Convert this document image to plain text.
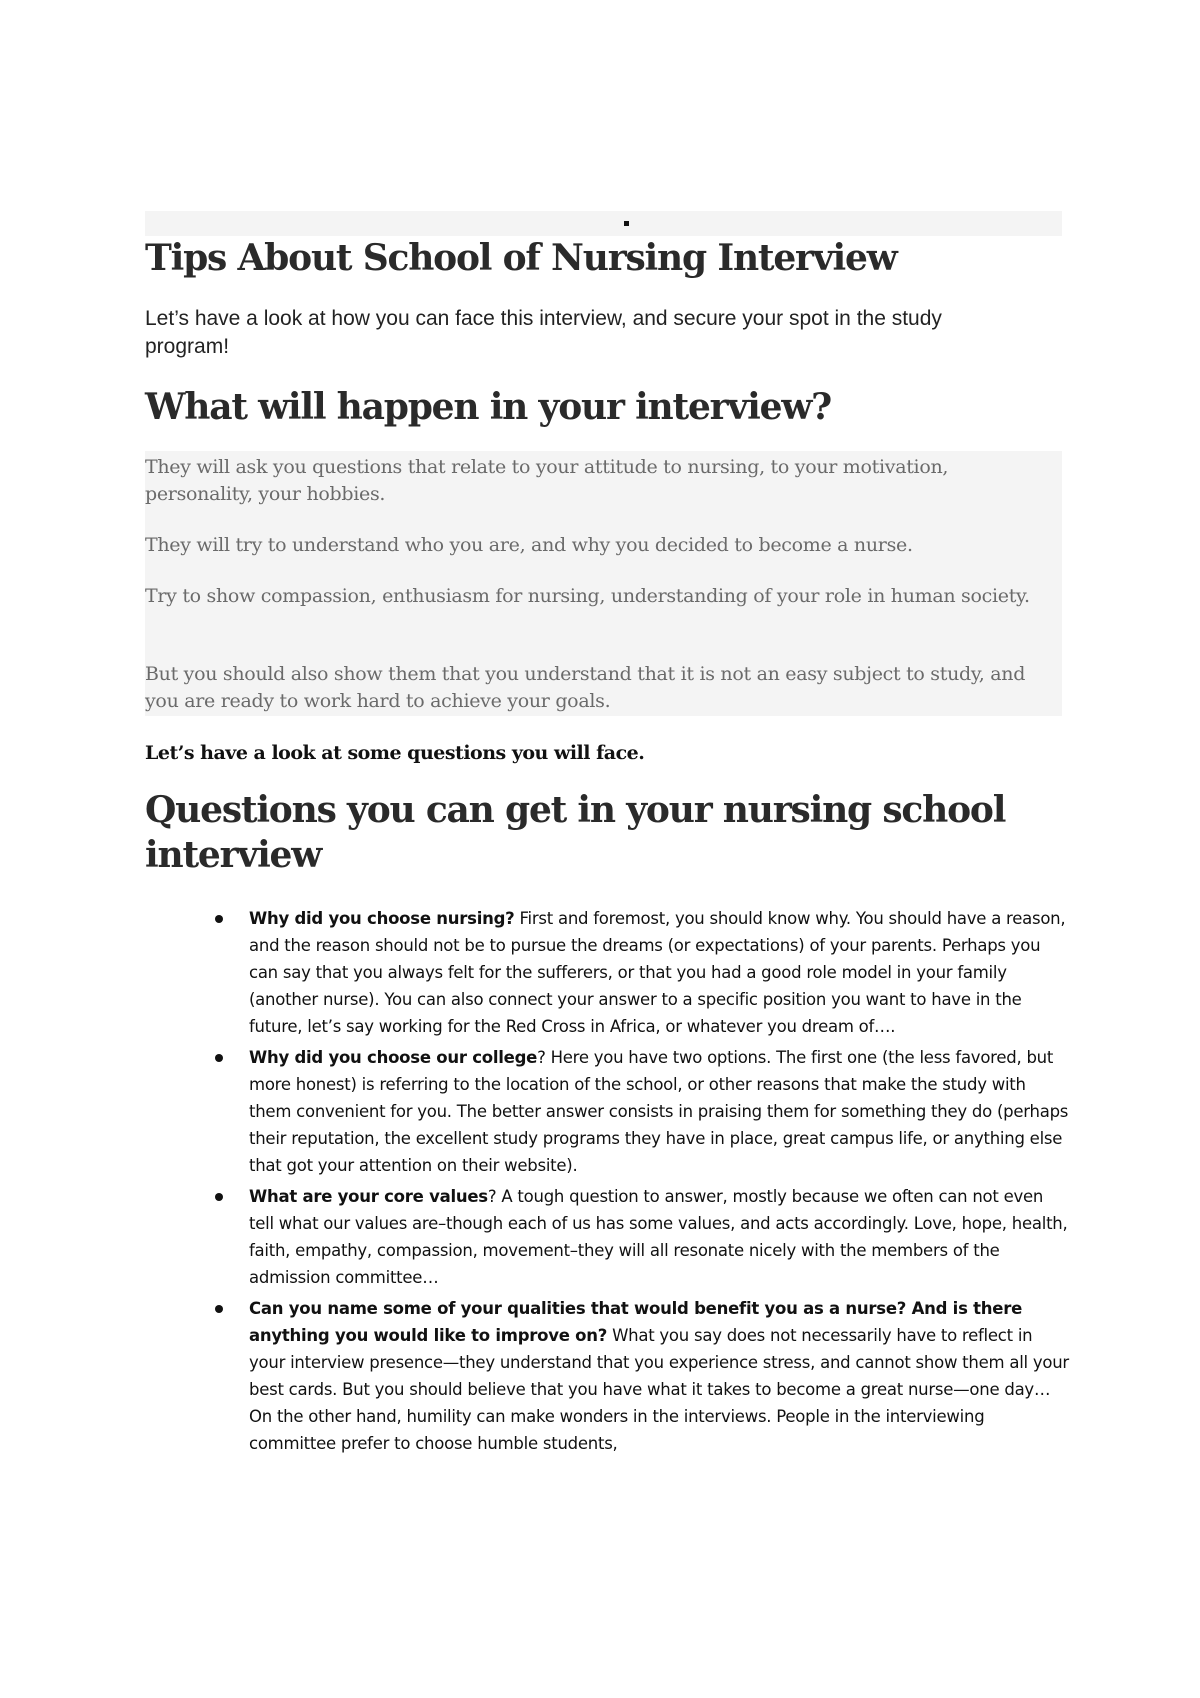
Tips About School of Nursing Interview

Let’s have a look at how you can face this interview, and secure your spot in the study program!

What will happen in your interview?

They will ask you questions that relate to your attitude to nursing, to your motivation, personality, your hobbies.

They will try to understand who you are, and why you decided to become a nurse.

Try to show compassion, enthusiasm for nursing, understanding of your role in human society.

But you should also show them that you understand that it is not an easy subject to study, and you are ready to work hard to achieve your goals.

Let’s have a look at some questions you will face.

Questions you can get in your nursing school interview
Why did you choose nursing? First and foremost, you should know why. You should have a reason, and the reason should not be to pursue the dreams (or expectations) of your parents. Perhaps you can say that you always felt for the sufferers, or that you had a good role model in your family (another nurse). You can also connect your answer to a specific position you want to have in the future, let’s say working for the Red Cross in Africa, or whatever you dream of….
Why did you choose our college? Here you have two options. The first one (the less favored, but more honest) is referring to the location of the school, or other reasons that make the study with them convenient for you. The better answer consists in praising them for something they do (perhaps their reputation, the excellent study programs they have in place, great campus life, or anything else that got your attention on their website).
What are your core values? A tough question to answer, mostly because we often can not even tell what our values are–though each of us has some values, and acts accordingly. Love, hope, health, faith, empathy, compassion, movement–they will all resonate nicely with the members of the admission committee…
Can you name some of your qualities that would benefit you as a nurse? And is there anything you would like to improve on? What you say does not necessarily have to reflect in your interview presence—they understand that you experience stress, and cannot show them all your best cards. But you should believe that you have what it takes to become a great nurse—one day…On the other hand, humility can make wonders in the interviews. People in the interviewing committee prefer to choose humble students,
